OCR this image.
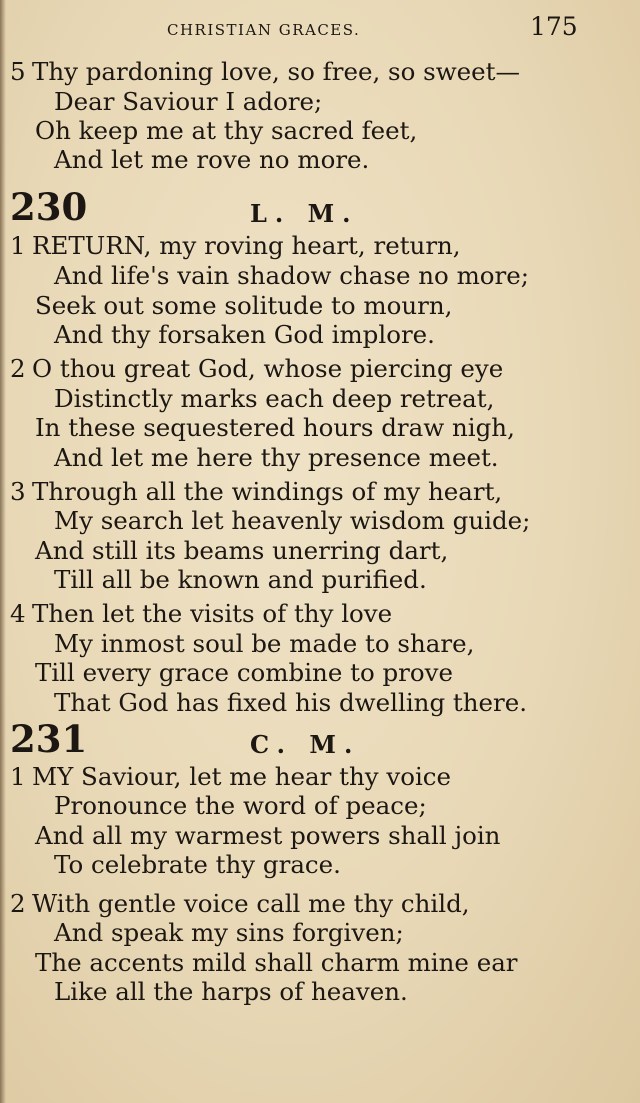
CHRISTIAN GRACES.	175
5 Thy pardoning love, so free, so sweet—
Dear Saviour I adore;
Oh keep me at thy sacred feet,
And let me rove no more.
230	L. M.
1 RETURN, my roving heart, return,
And life's vain shadow chase no more;
Seek out some solitude to mourn,
And thy forsaken God implore.
2 O thou great God, whose piercing eye
Distinctly marks each deep retreat,
In these sequestered hours draw nigh,
And let me here thy presence meet.
3 Through all the windings of my heart,
My search let heavenly wisdom guide;
And still its beams unerring dart,
Till all be known and purified.
4 Then let the visits of thy love
My inmost soul be made to share,
Till every grace combine to prove
That God has fixed his dwelling there.
231	C. M.
1 MY Saviour, let me hear thy voice
Pronounce the word of peace;
And all my warmest powers shall join
To celebrate thy grace.
2 With gentle voice call me thy child,
And speak my sins forgiven;
The accents mild shall charm mine ear
Like all the harps of heaven.
